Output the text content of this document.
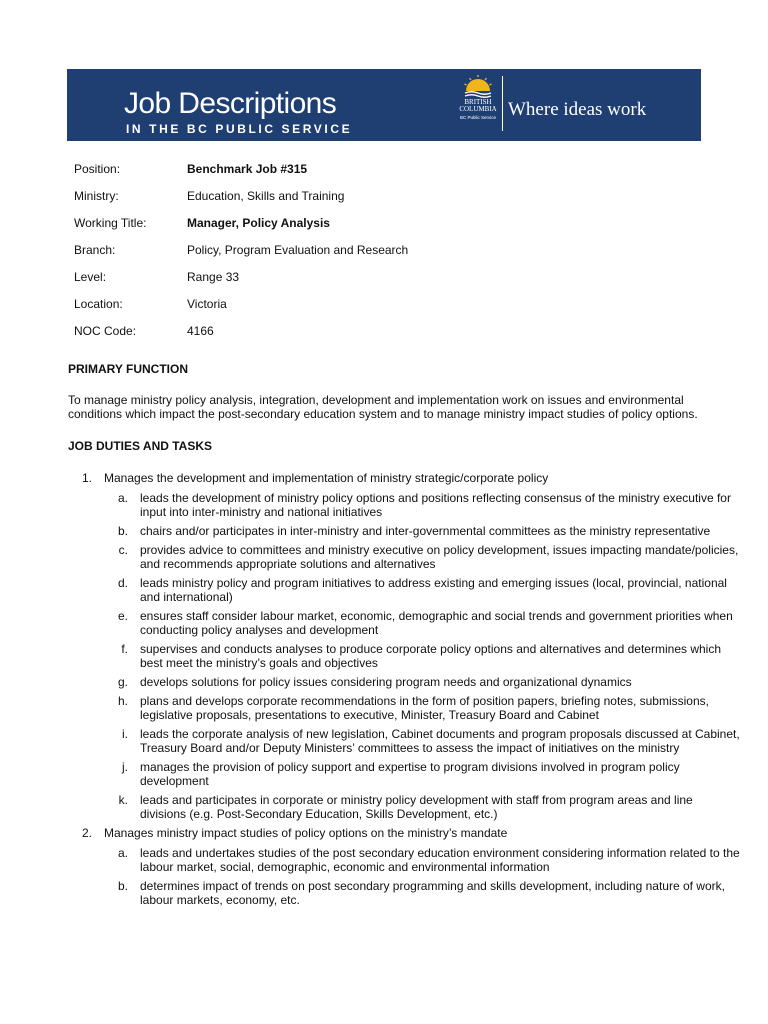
Job Descriptions
IN THE BC PUBLIC SERVICE
BRITISH
COLUMBIA
BC Public Service Where ideas work
Position:	Benchmark Job #315
Ministry:	Education, Skills and Training
Working Title:	Manager, Policy Analysis
Branch:	Policy, Program Evaluation and Research
Level:	Range 33
Location:	Victoria
NOC Code:	4166
PRIMARY FUNCTION
To manage ministry policy analysis, integration, development and implementation work on issues and environmental conditions which impact the post-secondary education system and to manage ministry impact studies of policy options.
JOB DUTIES AND TASKS
1. Manages the development and implementation of ministry strategic/corporate policy
a. leads the development of ministry policy options and positions reflecting consensus of the ministry executive for input into inter-ministry and national initiatives
b. chairs and/or participates in inter-ministry and inter-governmental committees as the ministry representative
c. provides advice to committees and ministry executive on policy development, issues impacting mandate/policies, and recommends appropriate solutions and alternatives
d. leads ministry policy and program initiatives to address existing and emerging issues (local, provincial, national and international)
e. ensures staff consider labour market, economic, demographic and social trends and government priorities when conducting policy analyses and development
f. supervises and conducts analyses to produce corporate policy options and alternatives and determines which best meet the ministry’s goals and objectives
g. develops solutions for policy issues considering program needs and organizational dynamics
h. plans and develops corporate recommendations in the form of position papers, briefing notes, submissions, legislative proposals, presentations to executive, Minister, Treasury Board and Cabinet
i. leads the corporate analysis of new legislation, Cabinet documents and program proposals discussed at Cabinet, Treasury Board and/or Deputy Ministers’ committees to assess the impact of initiatives on the ministry
j. manages the provision of policy support and expertise to program divisions involved in program policy development
k. leads and participates in corporate or ministry policy development with staff from program areas and line divisions (e.g. Post-Secondary Education, Skills Development, etc.)
2. Manages ministry impact studies of policy options on the ministry’s mandate
a. leads and undertakes studies of the post secondary education environment considering information related to the labour market, social, demographic, economic and environmental information
b. determines impact of trends on post secondary programming and skills development, including nature of work, labour markets, economy, etc.
